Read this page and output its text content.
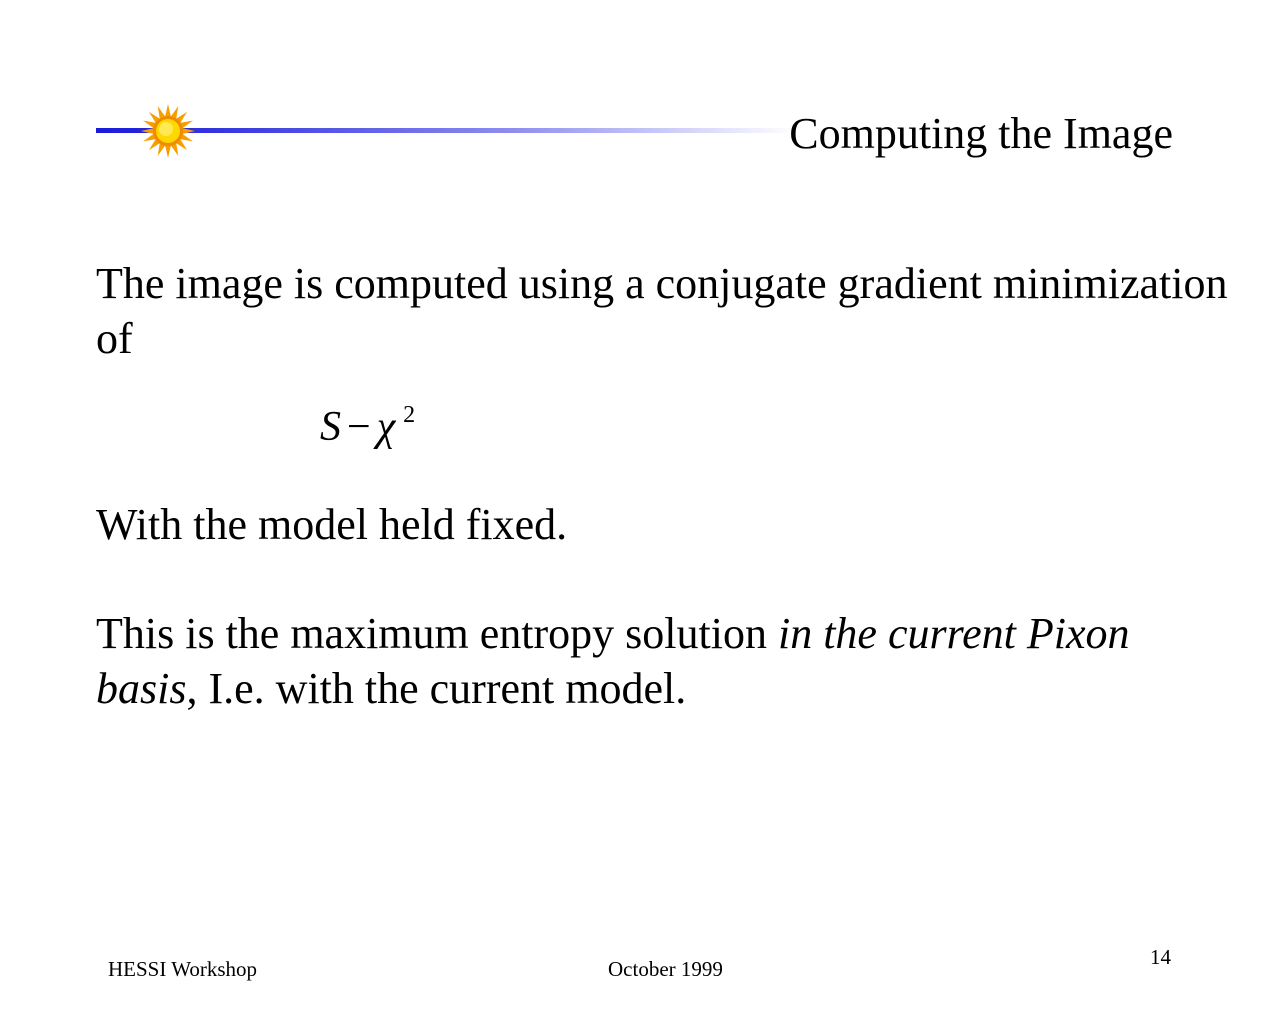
Computing the Image
The image is computed using a conjugate gradient minimization of
S − χ $^2$
With the model held fixed.
This is the maximum entropy solution in the current Pixon basis, I.e. with the current model.
HESSI Workshop	October 1999	14
